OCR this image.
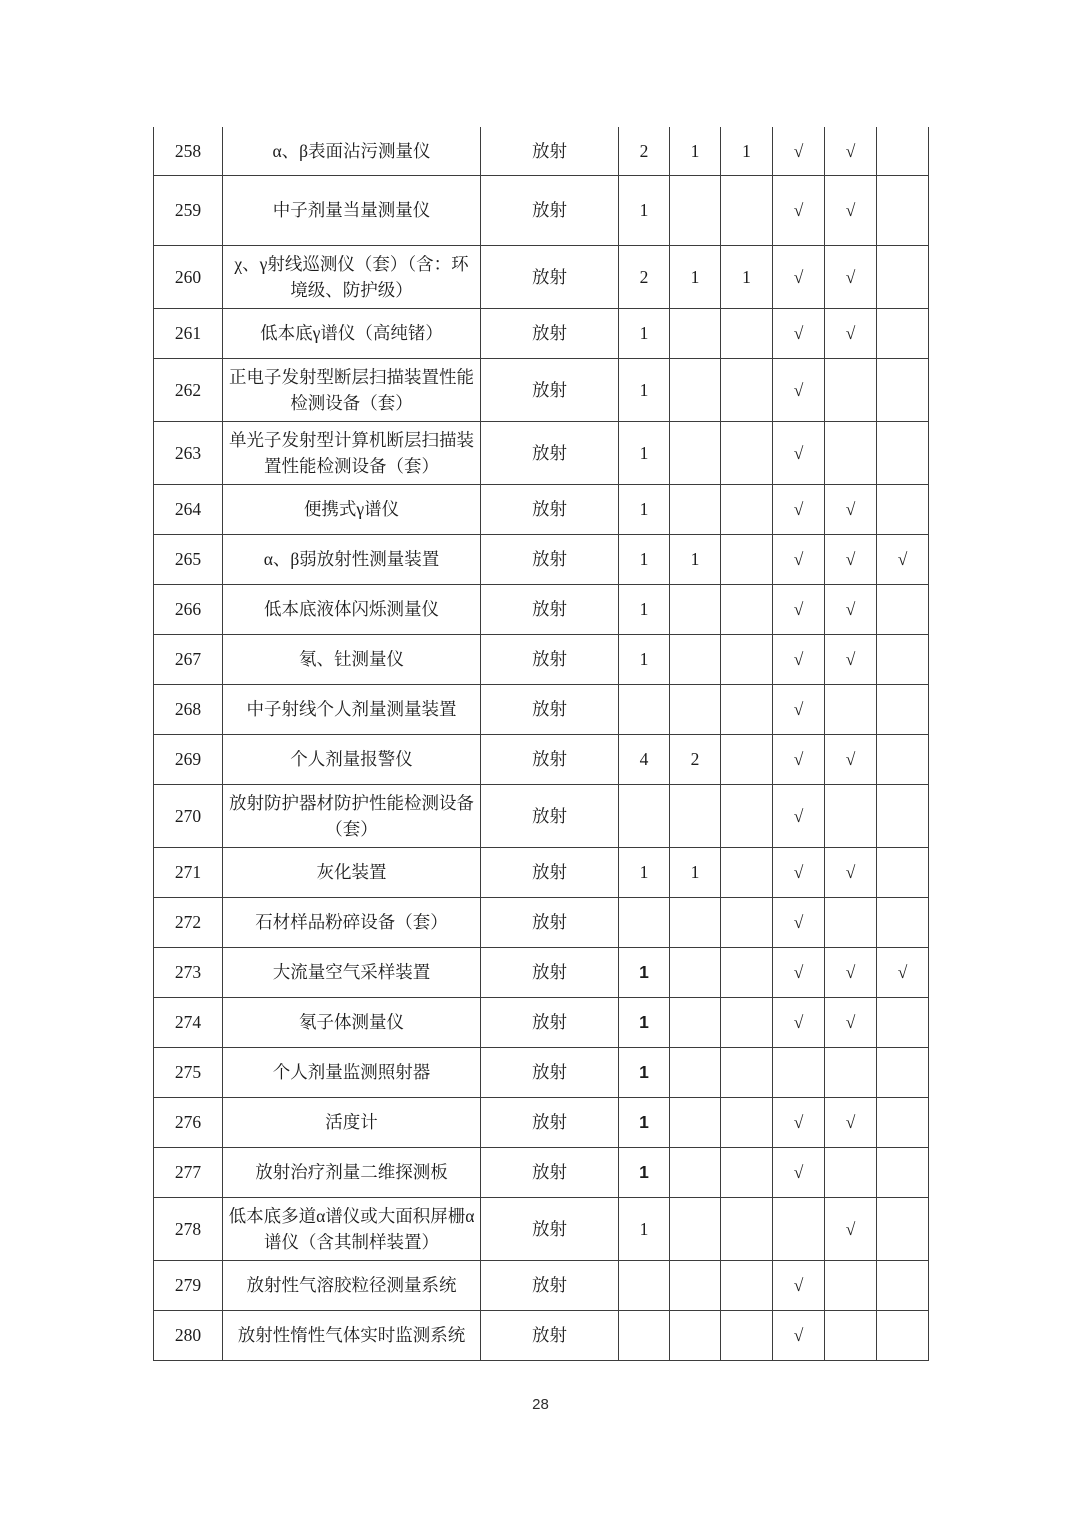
258	α、β表面沾污测量仪	放射	2	1	1	√	√	
259	中子剂量当量测量仪	放射	1			√	√	
260	χ、γ射线巡测仪（套）（含：环境级、防护级）	放射	2	1	1	√	√	
261	低本底γ谱仪（高纯锗）	放射	1			√	√	
262	正电子发射型断层扫描装置性能检测设备（套）	放射	1			√		
263	单光子发射型计算机断层扫描装置性能检测设备（套）	放射	1			√		
264	便携式γ谱仪	放射	1			√	√	
265	α、β弱放射性测量装置	放射	1	1		√	√	√
266	低本底液体闪烁测量仪	放射	1			√	√	
267	氡、钍测量仪	放射	1			√	√	
268	中子射线个人剂量测量装置	放射				√		
269	个人剂量报警仪	放射	4	2		√	√	
270	放射防护器材防护性能检测设备（套）	放射				√		
271	灰化装置	放射	1	1		√	√	
272	石材样品粉碎设备（套）	放射				√		
273	大流量空气采样装置	放射	1			√	√	√
274	氡子体测量仪	放射	1			√	√	
275	个人剂量监测照射器	放射	1					
276	活度计	放射	1			√	√	
277	放射治疗剂量二维探测板	放射	1			√		
278	低本底多道α谱仪或大面积屏栅α谱仪（含其制样装置）	放射	1				√	
279	放射性气溶胶粒径测量系统	放射				√		
280	放射性惰性气体实时监测系统	放射				√		
28
